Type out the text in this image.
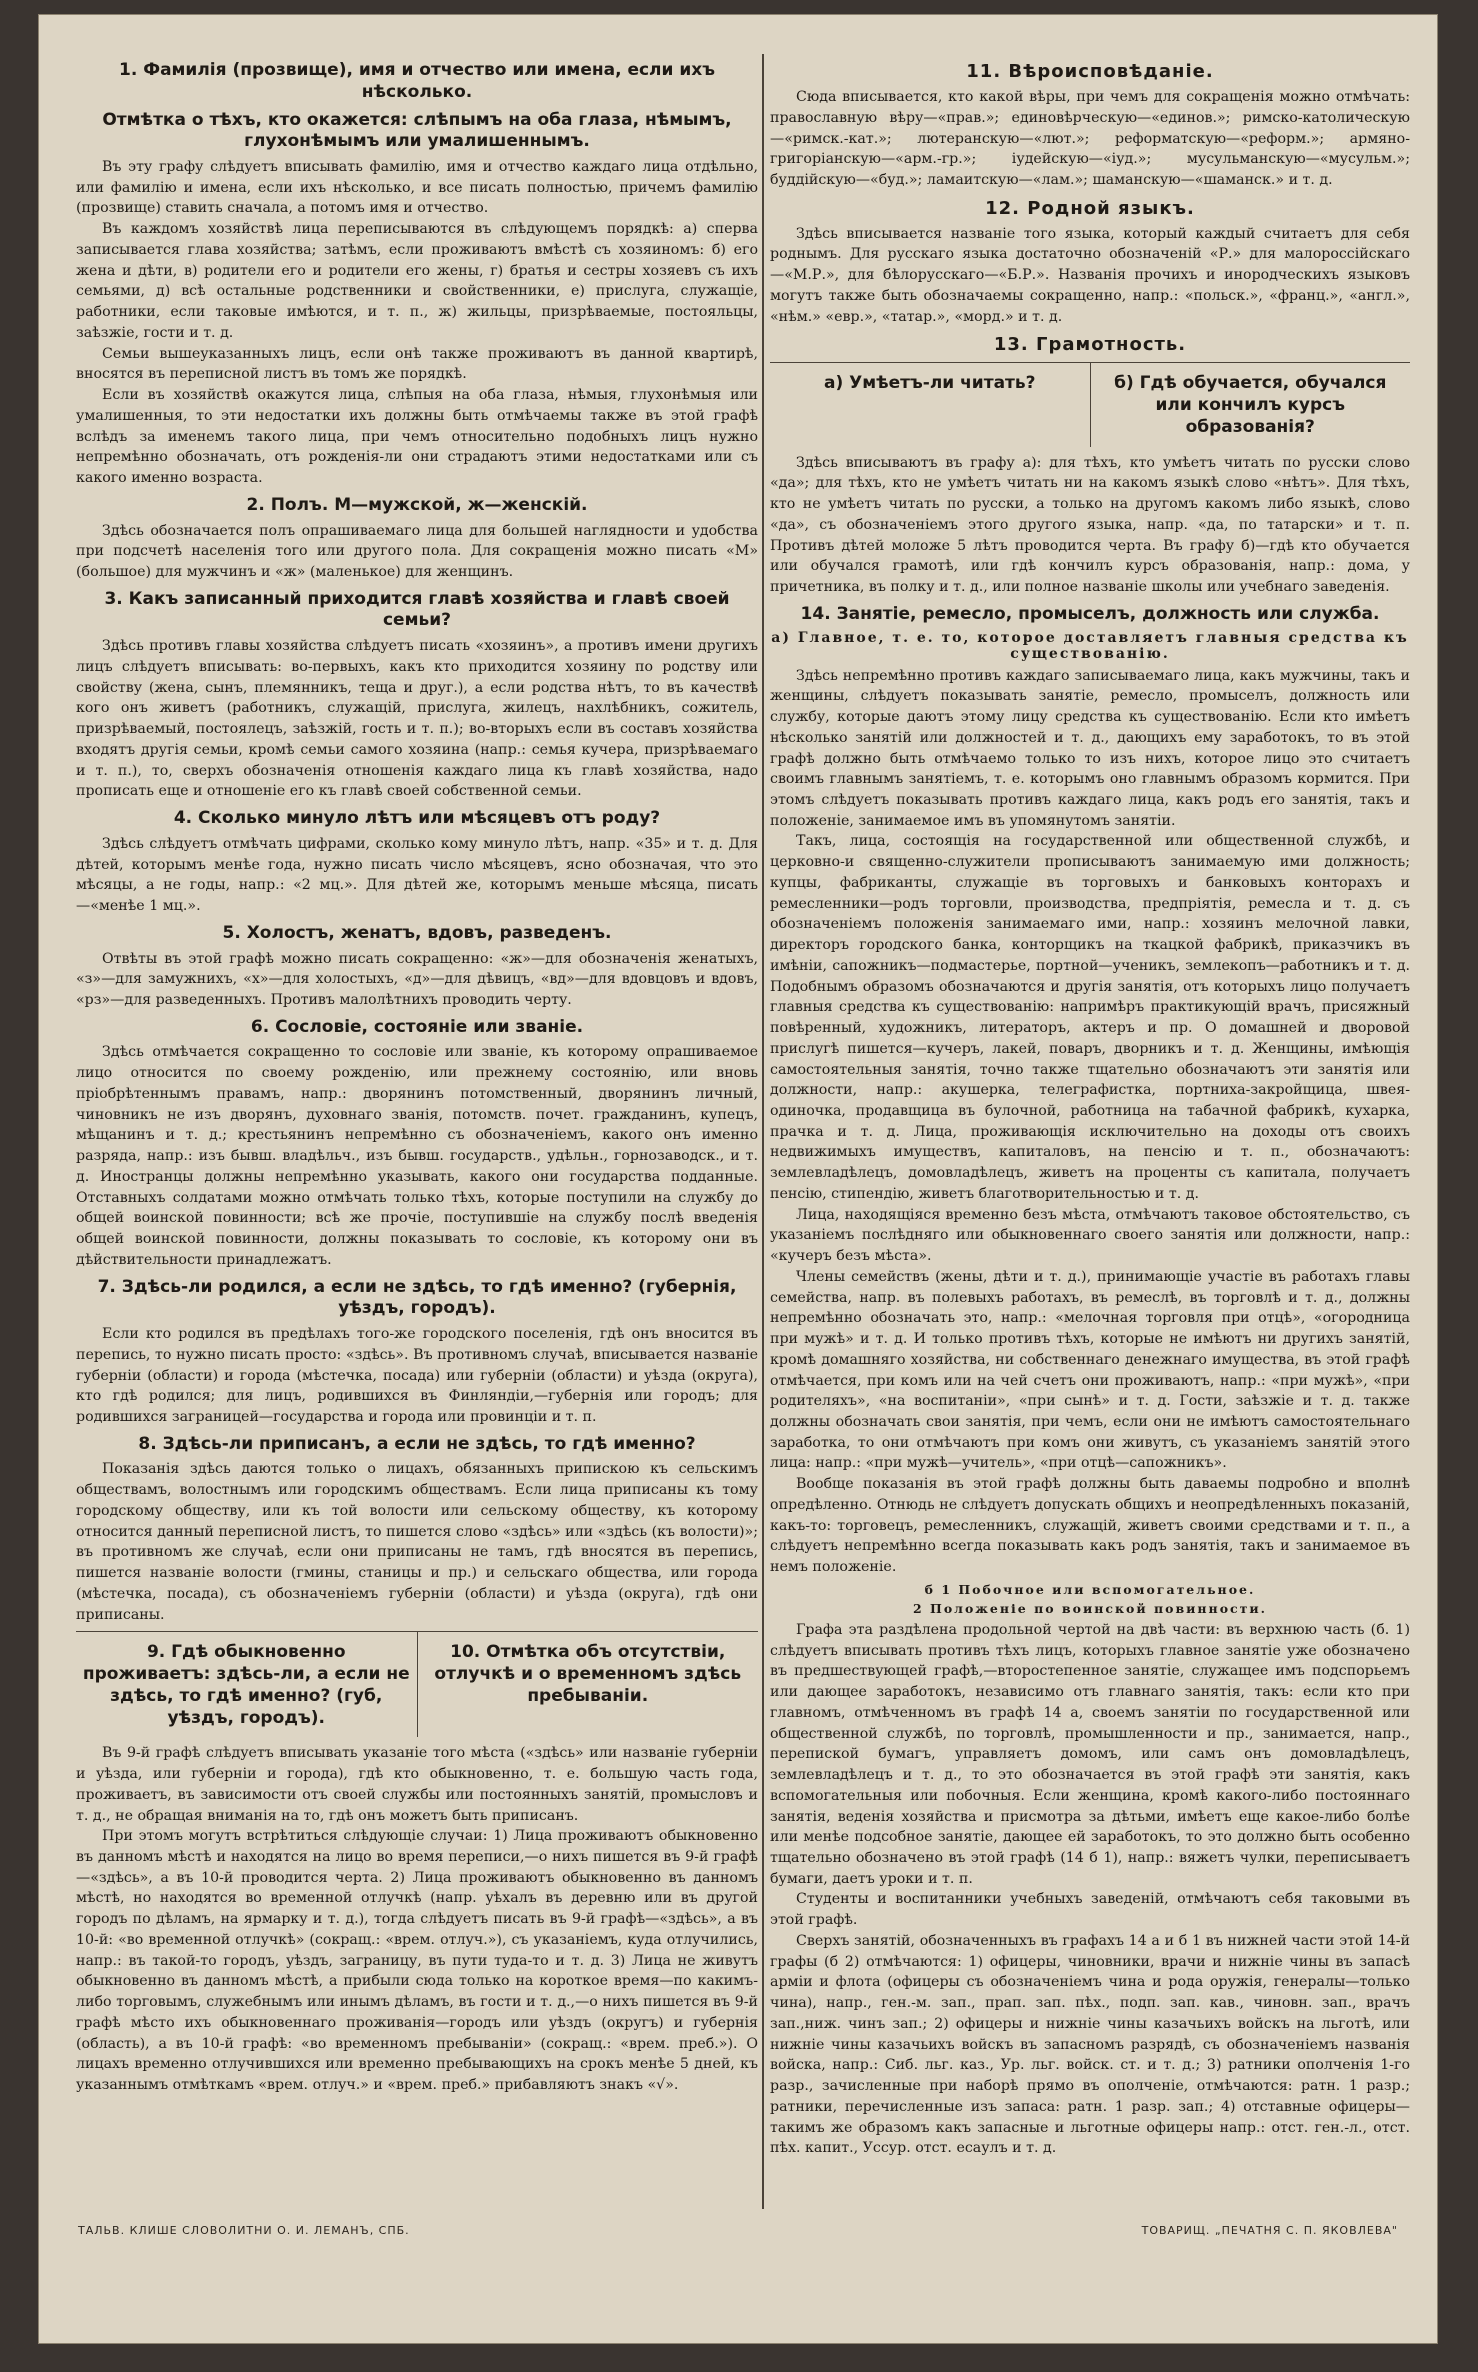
1. Фамилія (прозвище), имя и отчество или имена, если ихъ нѣсколько.
Отмѣтка о тѣхъ, кто окажется: слѣпымъ на оба глаза, нѣмымъ, глухонѣмымъ или умалишеннымъ.

Въ эту графу слѣдуетъ вписывать фамилію, имя и отчество каждаго лица отдѣльно, или фамилію и имена, если ихъ нѣсколько, и все писать полностью, причемъ фамилію (прозвище) ставить сначала, а потомъ имя и отчество.

Въ каждомъ хозяйствѣ лица переписываются въ слѣдующемъ порядкѣ: а) сперва записывается глава хозяйства; затѣмъ, если проживаютъ вмѣстѣ съ хозяиномъ: б) его жена и дѣти, в) родители его и родители его жены, г) братья и сестры хозяевъ съ ихъ семьями, д) всѣ остальные родственники и свойственники, е) прислуга, служащіе, работники, если таковые имѣются, и т. п., ж) жильцы, призрѣваемые, постояльцы, заѣзжіе, гости и т. д.

Семьи вышеуказанныхъ лицъ, если онѣ также проживаютъ въ данной квартирѣ, вносятся въ переписной листъ въ томъ же порядкѣ.

Если въ хозяйствѣ окажутся лица, слѣпыя на оба глаза, нѣмыя, глухонѣмыя или умалишенныя, то эти недостатки ихъ должны быть отмѣчаемы также въ этой графѣ вслѣдъ за именемъ такого лица, при чемъ относительно подобныхъ лицъ нужно непремѣнно обозначать, отъ рожденія-ли они страдаютъ этими недостатками или съ какого именно возраста.

2. Полъ. М—мужской, ж—женскій.

Здѣсь обозначается полъ опрашиваемаго лица для большей наглядности и удобства при подсчетѣ населенія того или другого пола. Для сокращенія можно писать «М» (большое) для мужчинъ и «ж» (маленькое) для женщинъ.

3. Какъ записанный приходится главѣ хозяйства и главѣ своей семьи?

Здѣсь противъ главы хозяйства слѣдуетъ писать «хозяинъ», а противъ имени другихъ лицъ слѣдуетъ вписывать: во-первыхъ, какъ кто приходится хозяину по родству или свойству (жена, сынъ, племянникъ, теща и друг.), а если родства нѣтъ, то въ качествѣ кого онъ живетъ (работникъ, служащій, прислуга, жилецъ, нахлѣбникъ, сожитель, призрѣваемый, постоялецъ, заѣзжій, гость и т. п.); во-вторыхъ если въ составъ хозяйства входятъ другія семьи, кромѣ семьи самого хозяина (напр.: семья кучера, призрѣваемаго и т. п.), то, сверхъ обозначенія отношенія каждаго лица къ главѣ хозяйства, надо прописать еще и отношеніе его къ главѣ своей собственной семьи.

4. Сколько минуло лѣтъ или мѣсяцевъ отъ роду?

Здѣсь слѣдуетъ отмѣчать цифрами, сколько кому минуло лѣтъ, напр. «35» и т. д. Для дѣтей, которымъ менѣе года, нужно писать число мѣсяцевъ, ясно обозначая, что это мѣсяцы, а не годы, напр.: «2 мц.». Для дѣтей же, которымъ меньше мѣсяца, писать—«менѣе 1 мц.».

5. Холостъ, женатъ, вдовъ, разведенъ.

Отвѣты въ этой графѣ можно писать сокращенно: «ж»—для обозначенія женатыхъ, «з»—для замужнихъ, «х»—для холостыхъ, «д»—для дѣвицъ, «вд»—для вдовцовъ и вдовъ, «рз»—для разведенныхъ. Противъ малолѣтнихъ проводить черту.

6. Сословіе, состояніе или званіе.

Здѣсь отмѣчается сокращенно то сословіе или званіе, къ которому опрашиваемое лицо относится по своему рожденію, или прежнему состоянію, или вновь пріобрѣтеннымъ правамъ, напр.: дворянинъ потомственный, дворянинъ личный, чиновникъ не изъ дворянъ, духовнаго званія, потомств. почет. гражданинъ, купецъ, мѣщанинъ и т. д.; крестьянинъ непремѣнно съ обозначеніемъ, какого онъ именно разряда, напр.: изъ бывш. владѣльч., изъ бывш. государств., удѣльн., горнозаводск., и т. д. Иностранцы должны непремѣнно указывать, какого они государства подданные. Отставныхъ солдатами можно отмѣчать только тѣхъ, которые поступили на службу до общей воинской повинности; всѣ же прочіе, поступившіе на службу послѣ введенія общей воинской повинности, должны показывать то сословіе, къ которому они въ дѣйствительности принадлежатъ.

7. Здѣсь-ли родился, а если не здѣсь, то гдѣ именно? (губернія, уѣздъ, городъ).

Если кто родился въ предѣлахъ того-же городского поселенія, гдѣ онъ вносится въ перепись, то нужно писать просто: «здѣсь». Въ противномъ случаѣ, вписывается названіе губерніи (области) и города (мѣстечка, посада) или губерніи (области) и уѣзда (округа), кто гдѣ родился; для лицъ, родившихся въ Финляндіи,—губернія или городъ; для родившихся заграницей—государства и города или провинціи и т. п.

8. Здѣсь-ли приписанъ, а если не здѣсь, то гдѣ именно?

Показанія здѣсь даются только о лицахъ, обязанныхъ припискою къ сельскимъ обществамъ, волостнымъ или городскимъ обществамъ. Если лица приписаны къ тому городскому обществу, или къ той волости или сельскому обществу, къ которому относится данный переписной листъ, то пишется слово «здѣсь» или «здѣсь (къ волости)»; въ противномъ же случаѣ, если они приписаны не тамъ, гдѣ вносятся въ перепись, пишется названіе волости (гмины, станицы и пр.) и сельскаго общества, или города (мѣстечка, посада), съ обозначеніемъ губерніи (области) и уѣзда (округа), гдѣ они приписаны.

9. Гдѣ обыкновенно проживаетъ: здѣсь-ли, а если не здѣсь, то гдѣ именно? (губ, уѣздъ, городъ).
10. Отмѣтка объ отсутствіи, отлучкѣ и о временномъ здѣсь пребываніи.

Въ 9-й графѣ слѣдуетъ вписывать указаніе того мѣста («здѣсь» или названіе губерніи и уѣзда, или губерніи и города), гдѣ кто обыкновенно, т. е. большую часть года, проживаетъ, въ зависимости отъ своей службы или постоянныхъ занятій, промысловъ и т. д., не обращая вниманія на то, гдѣ онъ можетъ быть приписанъ.

При этомъ могутъ встрѣтиться слѣдующіе случаи: 1) Лица проживаютъ обыкновенно въ данномъ мѣстѣ и находятся на лицо во время переписи,—о нихъ пишется въ 9-й графѣ—«здѣсь», а въ 10-й проводится черта. 2) Лица проживаютъ обыкновенно въ данномъ мѣстѣ, но находятся во временной отлучкѣ (напр. уѣхалъ въ деревню или въ другой городъ по дѣламъ, на ярмарку и т. д.), тогда слѣдуетъ писать въ 9-й графѣ—«здѣсь», а въ 10-й: «во временной отлучкѣ» (сокращ.: «врем. отлуч.»), съ указаніемъ, куда отлучились, напр.: въ такой-то городъ, уѣздъ, заграницу, въ пути туда-то и т. д. 3) Лица не живутъ обыкновенно въ данномъ мѣстѣ, а прибыли сюда только на короткое время—по какимъ-либо торговымъ, служебнымъ или инымъ дѣламъ, въ гости и т. д.,—о нихъ пишется въ 9-й графѣ мѣсто ихъ обыкновеннаго проживанія—городъ или уѣздъ (округъ) и губернія (область), а въ 10-й графѣ: «во временномъ пребываніи» (сокращ.: «врем. преб.»). О лицахъ временно отлучившихся или временно пребывающихъ на срокъ менѣе 5 дней, къ указаннымъ отмѣткамъ «врем. отлуч.» и «врем. преб.» прибавляютъ знакъ «√».

11. Вѣроисповѣданіе.

Сюда вписывается, кто какой вѣры, при чемъ для сокращенія можно отмѣчать: православную вѣру—«прав.»; единовѣрческую—«единов.»; римско-католическую—«римск.-кат.»; лютеранскую—«лют.»; реформатскую—«реформ.»; армяно-григоріанскую—«арм.-гр.»; іудейскую—«іуд.»; мусульманскую—«мусульм.»; буддійскую—«буд.»; ламаитскую—«лам.»; шаманскую—«шаманск.» и т. д.

12. Родной языкъ.

Здѣсь вписывается названіе того языка, который каждый считаетъ для себя роднымъ. Для русскаго языка достаточно обозначеній «Р.» для малороссійскаго—«М.Р.», для бѣлорусскаго—«Б.Р.». Названія прочихъ и инородческихъ языковъ могутъ также быть обозначаемы сокращенно, напр.: «польск.», «франц.», «англ.», «нѣм.» «евр.», «татар.», «морд.» и т. д.

13. Грамотность.
а) Умѣетъ-ли читать?	б) Гдѣ обучается, обучался или кончилъ курсъ образованія?

Здѣсь вписываютъ въ графу а): для тѣхъ, кто умѣетъ читать по русски слово «да»; для тѣхъ, кто не умѣетъ читать ни на какомъ языкѣ слово «нѣтъ». Для тѣхъ, кто не умѣетъ читать по русски, а только на другомъ какомъ либо языкѣ, слово «да», съ обозначеніемъ этого другого языка, напр. «да, по татарски» и т. п. Противъ дѣтей моложе 5 лѣтъ проводится черта. Въ графу б)—гдѣ кто обучается или обучался грамотѣ, или гдѣ кончилъ курсъ образованія, напр.: дома, у причетника, въ полку и т. д., или полное названіе школы или учебнаго заведенія.

14. Занятіе, ремесло, промыселъ, должность или служба.
а) Главное, т. е. то, которое доставляетъ главныя средства къ существованію.

Здѣсь непремѣнно противъ каждаго записываемаго лица, какъ мужчины, такъ и женщины, слѣдуетъ показывать занятіе, ремесло, промыселъ, должность или службу, которые даютъ этому лицу средства къ существованію. Если кто имѣетъ нѣсколько занятій или должностей и т. д., дающихъ ему заработокъ, то въ этой графѣ должно быть отмѣчаемо только то изъ нихъ, которое лицо это считаетъ своимъ главнымъ занятіемъ, т. е. которымъ оно главнымъ образомъ кормится. При этомъ слѣдуетъ показывать противъ каждаго лица, какъ родъ его занятія, такъ и положеніе, занимаемое имъ въ упомянутомъ занятіи.

Такъ, лица, состоящія на государственной или общественной службѣ, и церковно-и священно-служители прописываютъ занимаемую ими должность; купцы, фабриканты, служащіе въ торговыхъ и банковыхъ конторахъ и ремесленники—родъ торговли, производства, предпріятія, ремесла и т. д. съ обозначеніемъ положенія занимаемаго ими, напр.: хозяинъ мелочной лавки, директоръ городского банка, конторщикъ на ткацкой фабрикѣ, приказчикъ въ имѣніи, сапожникъ—подмастерье, портной—ученикъ, землекопъ—работникъ и т. д. Подобнымъ образомъ обозначаются и другія занятія, отъ которыхъ лицо получаетъ главныя средства къ существованію: напримѣръ практикующій врачъ, присяжный повѣренный, художникъ, литераторъ, актеръ и пр. О домашней и дворовой прислугѣ пишется—кучеръ, лакей, поваръ, дворникъ и т. д. Женщины, имѣющія самостоятельныя занятія, точно также тщательно обозначаютъ эти занятія или должности, напр.: акушерка, телеграфистка, портниха-закройщица, швея-одиночка, продавщица въ булочной, работница на табачной фабрикѣ, кухарка, прачка и т. д. Лица, проживающія исключительно на доходы отъ своихъ недвижимыхъ имуществъ, капиталовъ, на пенсію и т. п., обозначаютъ: землевладѣлецъ, домовладѣлецъ, живетъ на проценты съ капитала, получаетъ пенсію, стипендію, живетъ благотворительностью и т. д.

Лица, находящіяся временно безъ мѣста, отмѣчаютъ таковое обстоятельство, съ указаніемъ послѣдняго или обыкновеннаго своего занятія или должности, напр.: «кучеръ безъ мѣста».

Члены семействъ (жены, дѣти и т. д.), принимающіе участіе въ работахъ главы семейства, напр. въ полевыхъ работахъ, въ ремеслѣ, въ торговлѣ и т. д., должны непремѣнно обозначать это, напр.: «мелочная торговля при отцѣ», «огородница при мужѣ» и т. д. И только противъ тѣхъ, которые не имѣютъ ни другихъ занятій, кромѣ домашняго хозяйства, ни собственнаго денежнаго имущества, въ этой графѣ отмѣчается, при комъ или на чей счетъ они проживаютъ, напр.: «при мужѣ», «при родителяхъ», «на воспитаніи», «при сынѣ» и т. д. Гости, заѣзжіе и т. д. также должны обозначать свои занятія, при чемъ, если они не имѣютъ самостоятельнаго заработка, то они отмѣчаютъ при комъ они живутъ, съ указаніемъ занятій этого лица: напр.: «при мужѣ—учитель», «при отцѣ—сапожникъ».

Вообще показанія въ этой графѣ должны быть даваемы подробно и вполнѣ опредѣленно. Отнюдь не слѣдуетъ допускать общихъ и неопредѣленныхъ показаній, какъ-то: торговецъ, ремесленникъ, служащій, живетъ своими средствами и т. п., а слѣдуетъ непремѣнно всегда показывать какъ родъ занятія, такъ и занимаемое въ немъ положеніе.

б 1 Побочное или вспомогательное.
2 Положеніе по воинской повинности.

Графа эта раздѣлена продольной чертой на двѣ части: въ верхнюю часть (б. 1) слѣдуетъ вписывать противъ тѣхъ лицъ, которыхъ главное занятіе уже обозначено въ предшествующей графѣ,—второстепенное занятіе, служащее имъ подспорьемъ или дающее заработокъ, независимо отъ главнаго занятія, такъ: если кто при главномъ, отмѣченномъ въ графѣ 14 а, своемъ занятіи по государственной или общественной службѣ, по торговлѣ, промышленности и пр., занимается, напр., перепиской бумагъ, управляетъ домомъ, или самъ онъ домовладѣлецъ, землевладѣлецъ и т. д., то это обозначается въ этой графѣ эти занятія, какъ вспомогательныя или побочныя. Если женщина, кромѣ какого-либо постояннаго занятія, веденія хозяйства и присмотра за дѣтьми, имѣетъ еще какое-либо болѣе или менѣе подсобное занятіе, дающее ей заработокъ, то это должно быть особенно тщательно обозначено въ этой графѣ (14 б 1), напр.: вяжетъ чулки, переписываетъ бумаги, даетъ уроки и т. п.

Студенты и воспитанники учебныхъ заведеній, отмѣчаютъ себя таковыми въ этой графѣ.

Сверхъ занятій, обозначенныхъ въ графахъ 14 а и б 1 въ нижней части этой 14-й графы (б 2) отмѣчаются: 1) офицеры, чиновники, врачи и нижніе чины въ запасѣ арміи и флота (офицеры съ обозначеніемъ чина и рода оружія, генералы—только чина), напр., ген.-м. зап., прап. зап. пѣх., подп. зап. кав., чиновн. зап., врачъ зап.,ниж. чинъ зап.; 2) офицеры и нижніе чины казачьихъ войскъ на льготѣ, или нижніе чины казачьихъ войскъ въ запасномъ разрядѣ, съ обозначеніемъ названія войска, напр.: Сиб. льг. каз., Ур. льг. войск. ст. и т. д.; 3) ратники ополченія 1-го разр., зачисленные при наборѣ прямо въ ополченіе, отмѣчаются: ратн. 1 разр.; ратники, перечисленные изъ запаса: ратн. 1 разр. зап.; 4) отставные офицеры—такимъ же образомъ какъ запасные и льготные офицеры напр.: отст. ген.-л., отст. пѣх. капит., Уссур. отст. есаулъ и т. д.

ТАЛЬВ. КЛИШЕ СЛОВОЛИТНИ О. И. ЛЕМАНЪ, СПБ.	ТОВАРИЩ. „ПЕЧАТНЯ С. П. ЯКОВЛЕВА"
